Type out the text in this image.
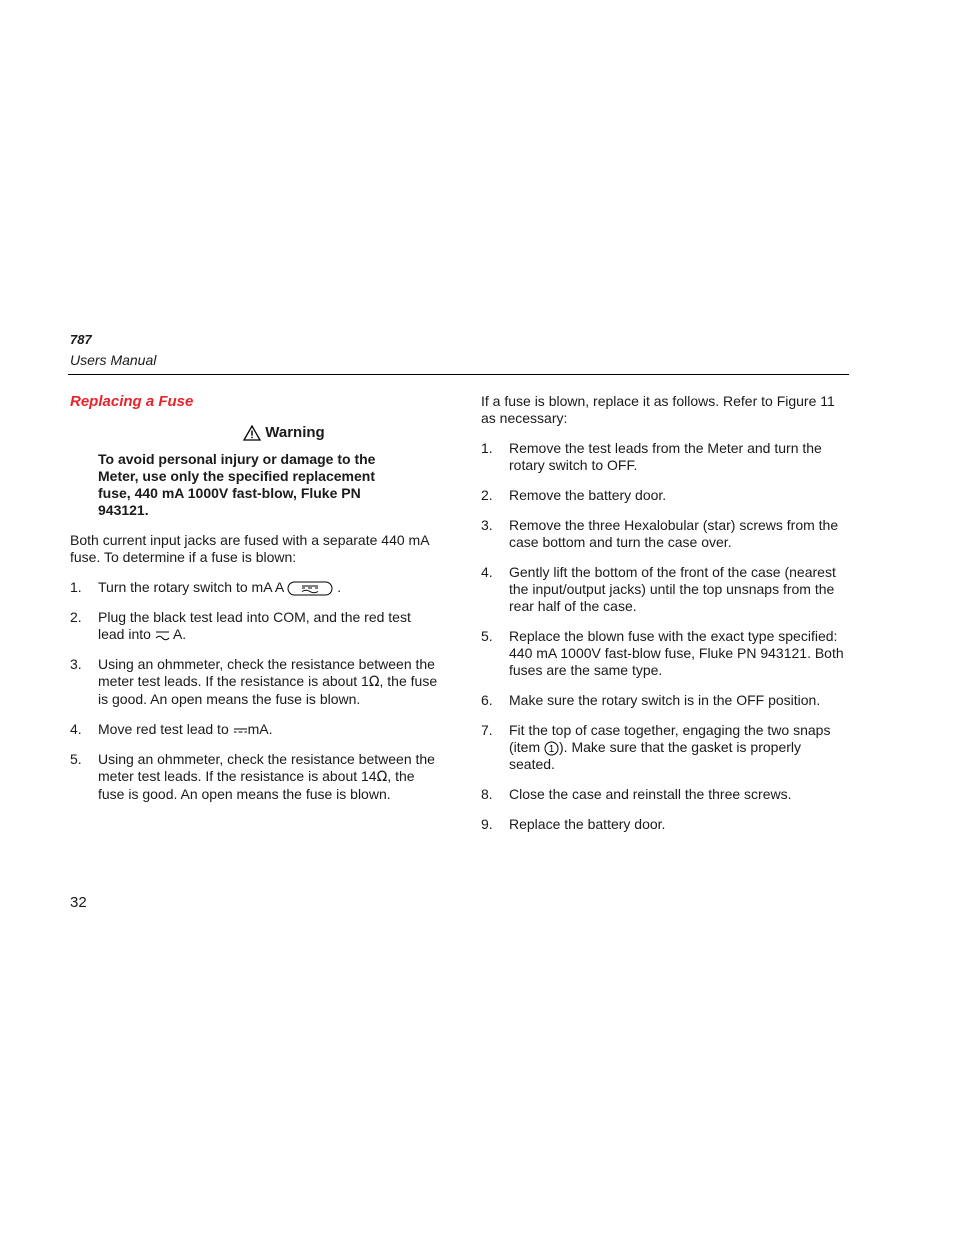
787
Users Manual
Replacing a Fuse
Warning
To avoid personal injury or damage to the Meter, use only the specified replacement fuse, 440 mA 1000V fast-blow, Fluke PN 943121.
Both current input jacks are fused with a separate 440 mA fuse. To determine if a fuse is blown:
1. Turn the rotary switch to mA A	.
2. Plug the black test lead into COM, and the red test lead into A.
3. Using an ohmmeter, check the resistance between the meter test leads. If the resistance is about 1Ω, the fuse is good. An open means the fuse is blown.
4. Move red test lead to mA.
5. Using an ohmmeter, check the resistance between the meter test leads. If the resistance is about 14Ω, the fuse is good. An open means the fuse is blown.
If a fuse is blown, replace it as follows. Refer to Figure 11 as necessary:
1. Remove the test leads from the Meter and turn the rotary switch to OFF.
2. Remove the battery door.
3. Remove the three Hexalobular (star) screws from the case bottom and turn the case over.
4. Gently lift the bottom of the front of the case (nearest the input/output jacks) until the top unsnaps from the rear half of the case.
5. Replace the blown fuse with the exact type specified: 440 mA 1000V fast-blow fuse, Fluke PN 943121. Both fuses are the same type.
6. Make sure the rotary switch is in the OFF position.
7. Fit the top of case together, engaging the two snaps (item 1 ). Make sure that the gasket is properly seated.
8. Close the case and reinstall the three screws.
9. Replace the battery door.
32
